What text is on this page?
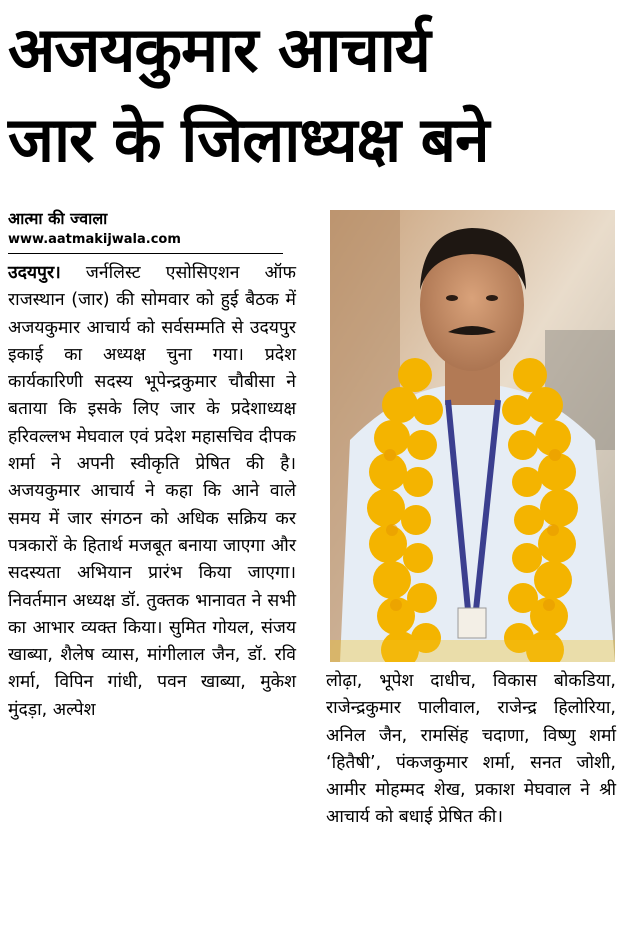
अजयकुमार आचार्य
जार के जिलाध्यक्ष बने
आत्मा की ज्वाला
www.aatmakijwala.com
उदयपुर। जर्नलिस्ट एसोसिएशन ऑफ राजस्थान (जार) की सोमवार को हुई बैठक में अजयकुमार आचार्य को सर्वसम्मति से उदयपुर इकाई का अध्यक्ष चुना गया। प्रदेश कार्यकारिणी सदस्य भूपेन्द्रकुमार चौबीसा ने बताया कि इसके लिए जार के प्रदेशाध्यक्ष हरिवल्लभ मेघवाल एवं प्रदेश महासचिव दीपक शर्मा ने अपनी स्वीकृति प्रेषित की है। अजयकुमार आचार्य ने कहा कि आने वाले समय में जार संगठन को अधिक सक्रिय कर पत्रकारों के हितार्थ मजबूत बनाया जाएगा और सदस्यता अभियान प्रारंभ किया जाएगा। निवर्तमान अध्यक्ष डॉ. तुक्तक भानावत ने सभी का आभार व्यक्त किया। सुमित गोयल, संजय खाब्या, शैलेष व्यास, मांगीलाल जैन, डॉ. रवि शर्मा, विपिन गांधी, पवन खाब्या, मुकेश मुंदड़ा, अल्पेश
लोढ़ा, भूपेश दाधीच, विकास बोकडिया, राजेन्द्रकुमार पालीवाल, राजेन्द्र हिलोरिया, अनिल जैन, रामसिंह चदाणा, विष्णु शर्मा ‘हितैषी’, पंकजकुमार शर्मा, सनत जोशी, आमीर मोहम्मद शेख, प्रकाश मेघवाल ने श्री आचार्य को बधाई प्रेषित की।
